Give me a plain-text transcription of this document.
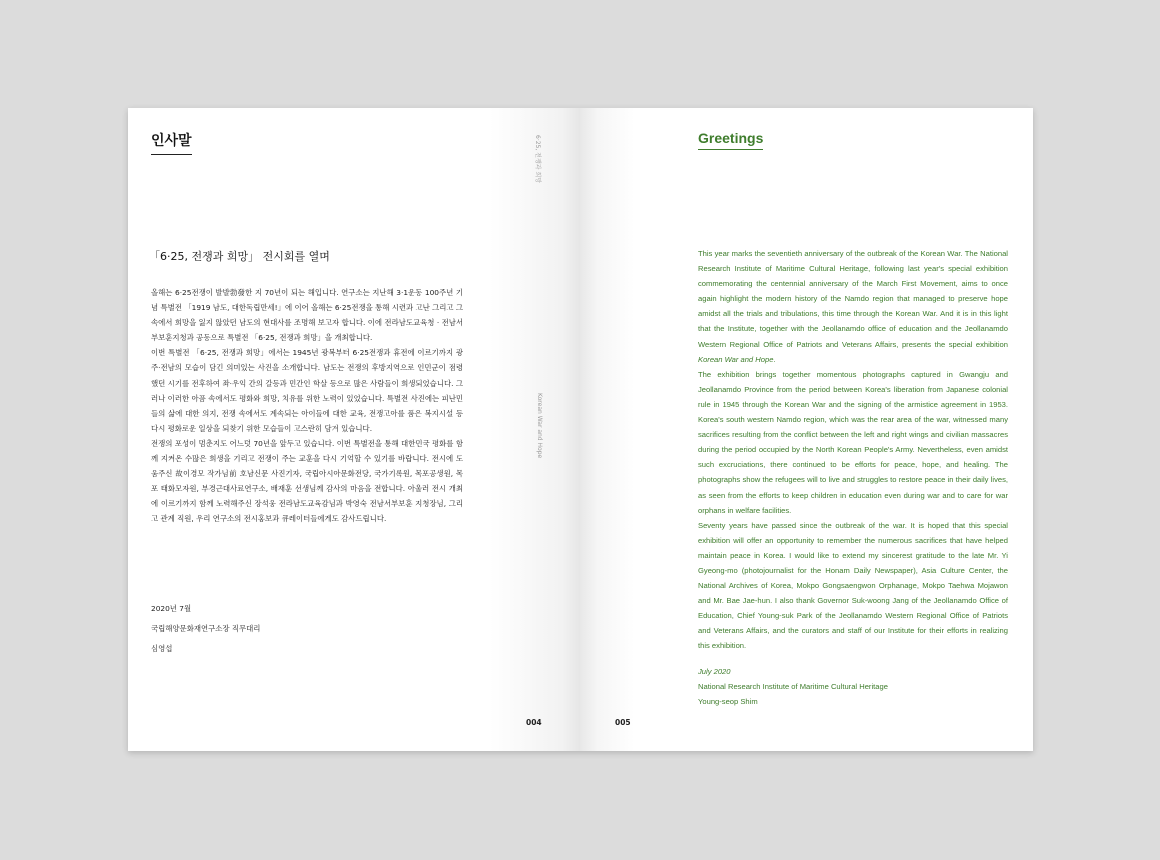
인사말	6·25, 전쟁과 희망
Korean War and Hope
「6·25, 전쟁과 희망」 전시회를 열며

올해는 6·25전쟁이 발발勃發한 지 70년이 되는 해입니다. 연구소는 지난해 3·1운동 100주년 기념 특별전 「1919 남도, 대한독립만세!」에 이어 올해는 6·25전쟁을 통해 시련과 고난 그리고 그 속에서 희망을 잃지 않았던 남도의 현대사를 조명해 보고자 합니다. 이에 전라남도교육청 · 전남서부보훈지청과 공동으로 특별전 「6·25, 전쟁과 희망」을 개최합니다.

이번 특별전 「6·25, 전쟁과 희망」에서는 1945년 광복부터 6·25전쟁과 휴전에 이르기까지 광주·전남의 모습이 담긴 의미있는 사진을 소개합니다. 남도는 전쟁의 후방지역으로 인민군이 점령했던 시기를 전후하여 좌·우익 간의 갈등과 민간인 학살 등으로 많은 사람들이 희생되었습니다. 그러나 이러한 아픔 속에서도 평화와 희망, 치유를 위한 노력이 있었습니다. 특별전 사진에는 피난민들의 삶에 대한 의지, 전쟁 속에서도 계속되는 아이들에 대한 교육, 전쟁고아를 품은 복지시설 등 다시 평화로운 일상을 되찾기 위한 모습들이 고스란히 담겨 있습니다.

전쟁의 포성이 멈춘지도 어느덧 70년을 앞두고 있습니다. 이번 특별전을 통해 대한민국 평화를 함께 지켜온 수많은 희생을 기리고 전쟁이 주는 교훈을 다시 기억할 수 있기를 바랍니다. 전시에 도움주신 故이경모 작가님前 호남신문 사진기자, 국립아시아문화전당, 국가기록원, 목포공생원, 목포 태화모자원, 부경근대사료연구소, 배재훈 선생님께 감사의 마음을 전합니다. 아울러 전시 개최에 이르기까지 함께 노력해주신 장석웅 전라남도교육감님과 박영숙 전남서부보훈 지청장님, 그리고 관계 직원, 우리 연구소의 전시홍보과 큐레이터들에게도 감사드립니다.

2020년 7월
국립해양문화재연구소장 직무대리
심영섭
004
Greetings

This year marks the seventieth anniversary of the outbreak of the Korean War. The National Research Institute of Maritime Cultural Heritage, following last year's special exhibition commemorating the centennial anniversary of the March First Movement, aims to once again highlight the modern history of the Namdo region that managed to preserve hope amidst all the trials and tribulations, this time through the Korean War. And it is in this light that the Institute, together with the Jeollanamdo office of education and the Jeollanamdo Western Regional Office of Patriots and Veterans Affairs, presents the special exhibition Korean War and Hope.

The exhibition brings together momentous photographs captured in Gwangju and Jeollanamdo Province from the period between Korea's liberation from Japanese colonial rule in 1945 through the Korean War and the signing of the armistice agreement in 1953. Korea's south western Namdo region, which was the rear area of the war, witnessed many sacrifices resulting from the conflict between the left and right wings and civilian massacres during the period occupied by the North Korean People's Army. Nevertheless, even amidst such excruciations, there continued to be efforts for peace, hope, and healing. The photographs show the refugees will to live and struggles to restore peace in their daily lives, as seen from the efforts to keep children in education even during war and to care for war orphans in welfare facilities.

Seventy years have passed since the outbreak of the war. It is hoped that this special exhibition will offer an opportunity to remember the numerous sacrifices that have helped maintain peace in Korea. I would like to extend my sincerest gratitude to the late Mr. Yi Gyeong-mo (photojournalist for the Honam Daily Newspaper), Asia Culture Center, the National Archives of Korea, Mokpo Gongsaengwon Orphanage, Mokpo Taehwa Mojawon and Mr. Bae Jae-hun. I also thank Governor Suk-woong Jang of the Jeollanamdo Office of Education, Chief Young-suk Park of the Jeollanamdo Western Regional Office of Patriots and Veterans Affairs, and the curators and staff of our Institute for their efforts in realizing this exhibition.

July 2020
National Research Institute of Maritime Cultural Heritage
Young-seop Shim
005
